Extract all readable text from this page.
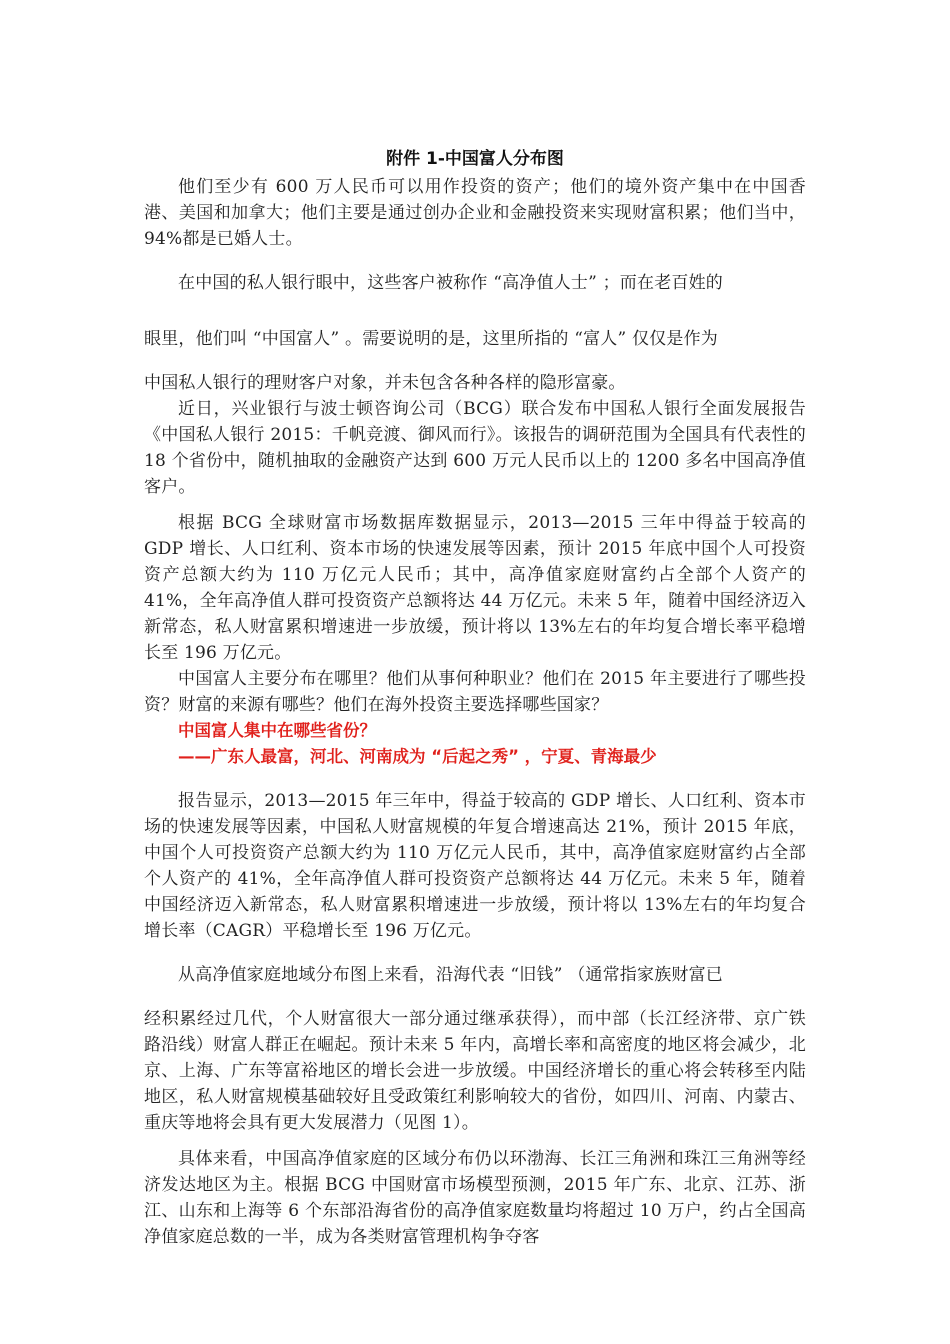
附件 1-中国富人分布图

他们至少有 600 万人民币可以用作投资的资产；他们的境外资产集中在中国香港、美国和加拿大；他们主要是通过创办企业和金融投资来实现财富积累；他们当中，94%都是已婚人士。

在中国的私人银行眼中，这些客户被称作 “高净值人士” ；而在老百姓的

眼里，他们叫 “中国富人” 。需要说明的是，这里所指的 “富人” 仅仅是作为

中国私人银行的理财客户对象，并未包含各种各样的隐形富豪。

近日，兴业银行与波士顿咨询公司（BCG）联合发布中国私人银行全面发展报告《中国私人银行 2015：千帆竞渡、御风而行》。该报告的调研范围为全国具有代表性的 18 个省份中，随机抽取的金融资产达到 600 万元人民币以上的 1200 多名中国高净值客户。

根据 BCG 全球财富市场数据库数据显示，2013—2015 三年中得益于较高的 GDP 增长、人口红利、资本市场的快速发展等因素，预计 2015 年底中国个人可投资资产总额大约为 110 万亿元人民币；其中，高净值家庭财富约占全部个人资产的 41%，全年高净值人群可投资资产总额将达 44 万亿元。未来 5 年，随着中国经济迈入新常态，私人财富累积增速进一步放缓，预计将以 13%左右的年均复合增长率平稳增长至 196 万亿元。

中国富人主要分布在哪里？他们从事何种职业？他们在 2015 年主要进行了哪些投资？财富的来源有哪些？他们在海外投资主要选择哪些国家？

中国富人集中在哪些省份？

——广东人最富，河北、河南成为 “后起之秀” ，宁夏、青海最少

报告显示，2013—2015 年三年中，得益于较高的 GDP 增长、人口红利、资本市场的快速发展等因素，中国私人财富规模的年复合增速高达 21%，预计 2015 年底，中国个人可投资资产总额大约为 110 万亿元人民币，其中，高净值家庭财富约占全部个人资产的 41%，全年高净值人群可投资资产总额将达 44 万亿元。未来 5 年，随着中国经济迈入新常态，私人财富累积增速进一步放缓，预计将以 13%左右的年均复合增长率（CAGR）平稳增长至 196 万亿元。

从高净值家庭地域分布图上来看，沿海代表 “旧钱” （通常指家族财富已

经积累经过几代，个人财富很大一部分通过继承获得），而中部（长江经济带、京广铁路沿线）财富人群正在崛起。预计未来 5 年内，高增长率和高密度的地区将会减少，北京、上海、广东等富裕地区的增长会进一步放缓。中国经济增长的重心将会转移至内陆地区，私人财富规模基础较好且受政策红利影响较大的省份，如四川、河南、内蒙古、重庆等地将会具有更大发展潜力（见图 1）。

具体来看，中国高净值家庭的区域分布仍以环渤海、长江三角洲和珠江三角洲等经济发达地区为主。根据 BCG 中国财富市场模型预测，2015 年广东、北京、江苏、浙江、山东和上海等 6 个东部沿海省份的高净值家庭数量均将超过 10 万户，约占全国高净值家庭总数的一半，成为各类财富管理机构争夺客
